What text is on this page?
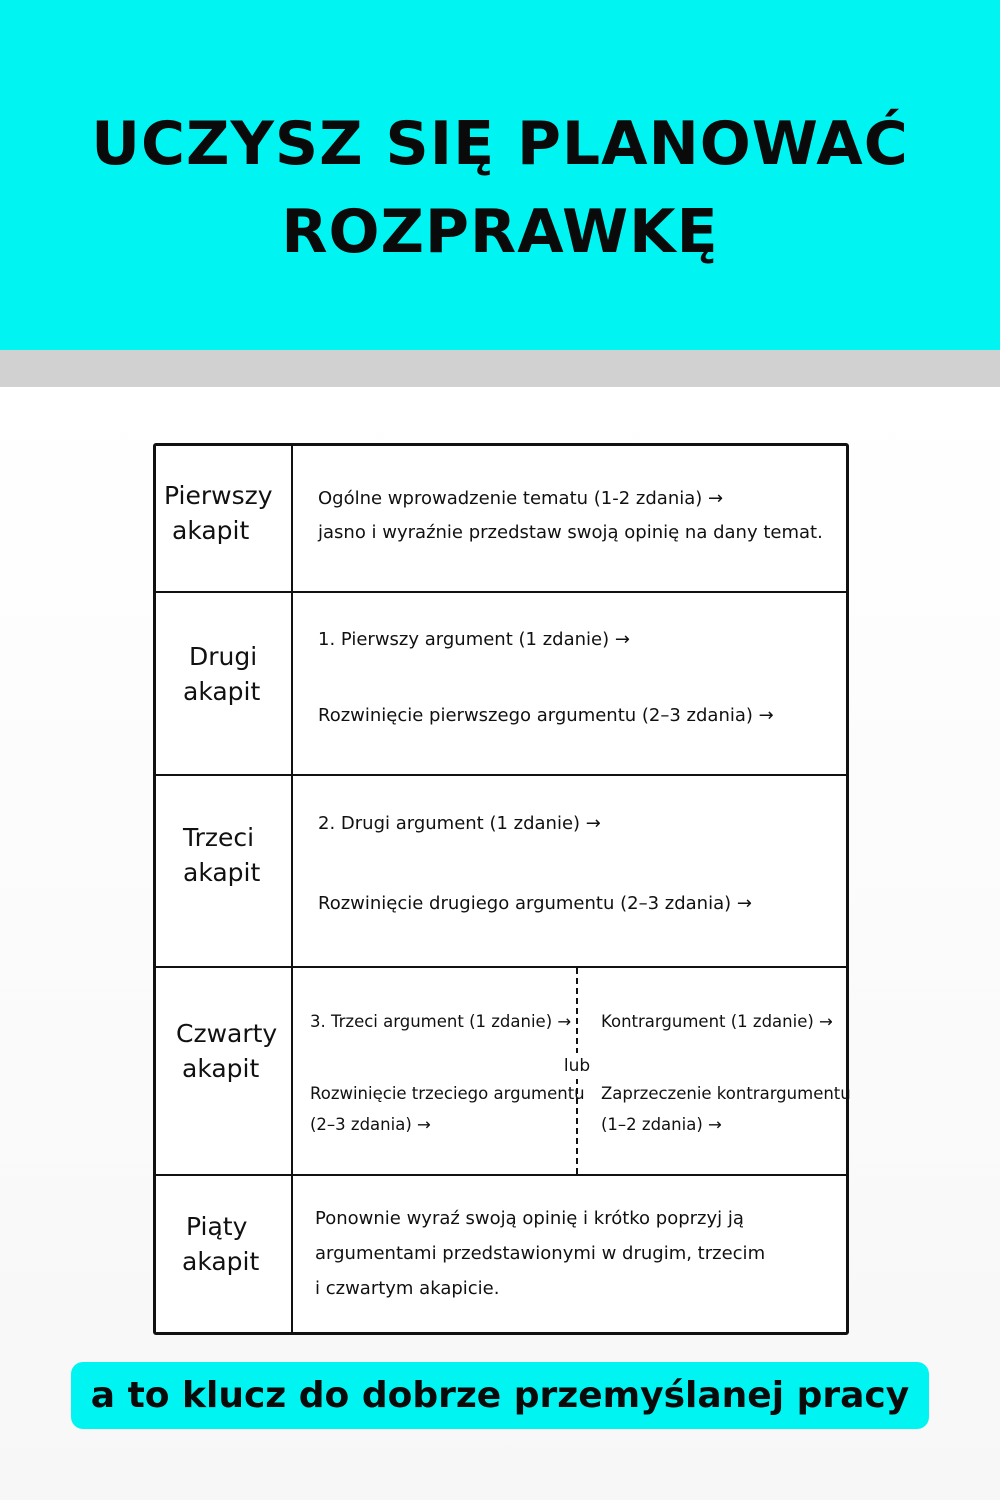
UCZYSZ SIĘ PLANOWAĆ
ROZPRAWKĘ
Pierwszy
akapit

Ogólne wprowadzenie tematu (1-2 zdania) →

jasno i wyraźnie przedstaw swoją opinię na dany temat.

Drugi
akapit

1. Pierwszy argument (1 zdanie) →

Rozwinięcie pierwszego argumentu (2–3 zdania) →

Trzeci
akapit

2. Drugi argument (1 zdanie) →

Rozwinięcie drugiego argumentu (2–3 zdania) →

Czwarty
akapit

3. Trzeci argument (1 zdanie) →

Rozwinięcie trzeciego argumentu

(2–3 zdania) →

lub

Kontrargument (1 zdanie) →

Zaprzeczenie kontrargumentu

(1–2 zdania) →

Piąty
akapit

Ponownie wyraź swoją opinię i krótko poprzyj ją

argumentami przedstawionymi w drugim, trzecim

i czwartym akapicie.

a to klucz do dobrze przemyślanej pracy
